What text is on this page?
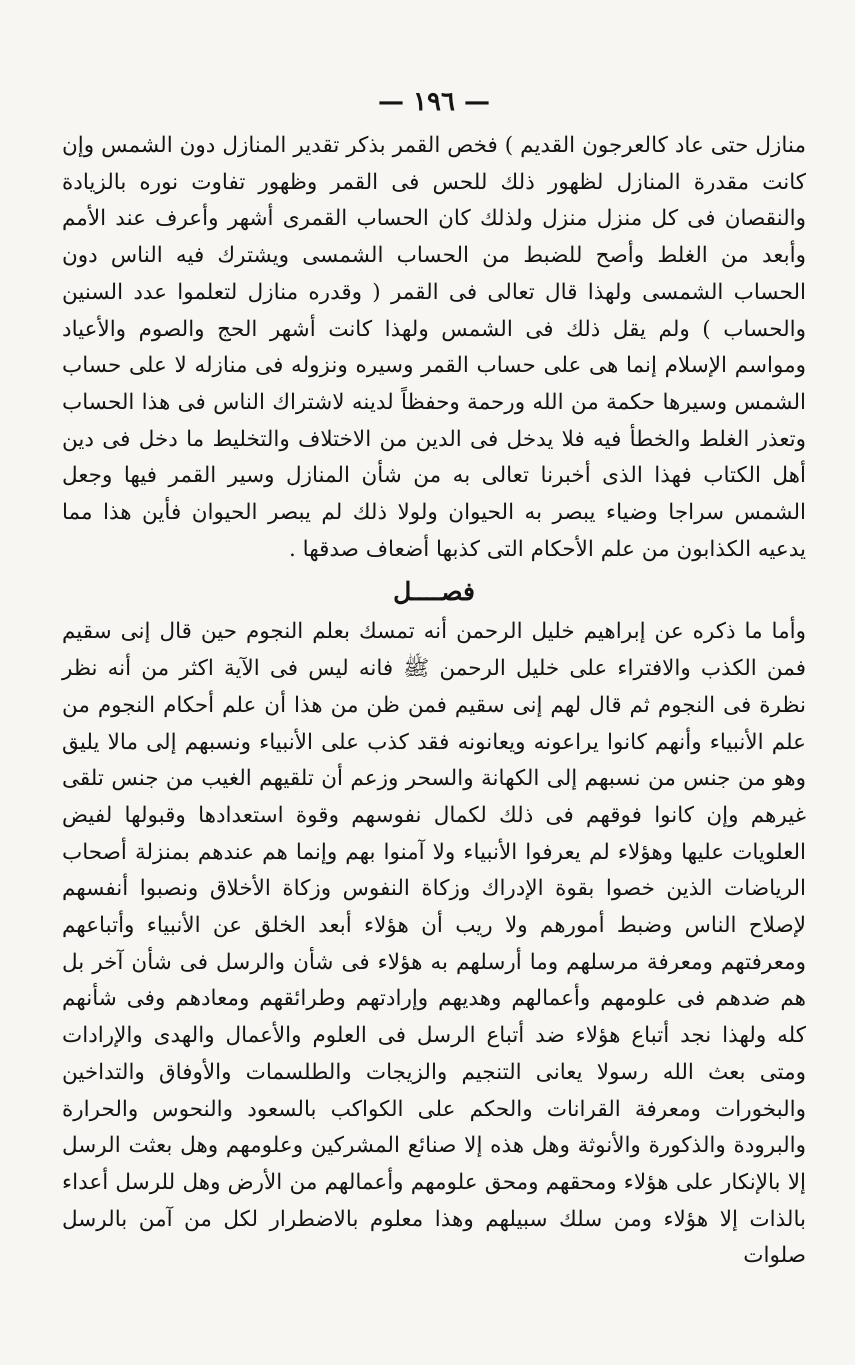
— ١٩٦ —

منازل حتى عاد كالعرجون القديم ) فخص القمر بذكر تقدير المنازل دون الشمس وإن كانت مقدرة المنازل لظهور ذلك للحس فى القمر وظهور تفاوت نوره بالزيادة والنقصان فى كل منزل منزل ولذلك كان الحساب القمرى أشهر وأعرف عند الأمم وأبعد من الغلط وأصح للضبط من الحساب الشمسى ويشترك فيه الناس دون الحساب الشمسى ولهذا قال تعالى فى القمر ( وقدره منازل لتعلموا عدد السنين والحساب ) ولم يقل ذلك فى الشمس ولهذا كانت أشهر الحج والصوم والأعياد ومواسم الإسلام إنما هى على حساب القمر وسيره ونزوله فى منازله لا على حساب الشمس وسيرها حكمة من الله ورحمة وحفظاً لدينه لاشتراك الناس فى هذا الحساب وتعذر الغلط والخطأ فيه فلا يدخل فى الدين من الاختلاف والتخليط ما دخل فى دين أهل الكتاب فهذا الذى أخبرنا تعالى به من شأن المنازل وسير القمر فيها وجعل الشمس سراجا وضياء يبصر به الحيوان ولولا ذلك لم يبصر الحيوان فأين هذا مما يدعيه الكذابون من علم الأحكام التى كذبها أضعاف صدقها .

فصــــل

وأما ما ذكره عن إبراهيم خليل الرحمن أنه تمسك بعلم النجوم حين قال إنى سقيم فمن الكذب والافتراء على خليل الرحمن ﷺ فانه ليس فى الآية اكثر من أنه نظر نظرة فى النجوم ثم قال لهم إنى سقيم فمن ظن من هذا أن علم أحكام النجوم من علم الأنبياء وأنهم كانوا يراعونه ويعانونه فقد كذب على الأنبياء ونسبهم إلى مالا يليق وهو من جنس من نسبهم إلى الكهانة والسحر وزعم أن تلقيهم الغيب من جنس تلقى غيرهم وإن كانوا فوقهم فى ذلك لكمال نفوسهم وقوة استعدادها وقبولها لفيض العلويات عليها وهؤلاء لم يعرفوا الأنبياء ولا آمنوا بهم وإنما هم عندهم بمنزلة أصحاب الرياضات الذين خصوا بقوة الإدراك وزكاة النفوس وزكاة الأخلاق ونصبوا أنفسهم لإصلاح الناس وضبط أمورهم ولا ريب أن هؤلاء أبعد الخلق عن الأنبياء وأتباعهم ومعرفتهم ومعرفة مرسلهم وما أرسلهم به هؤلاء فى شأن والرسل فى شأن آخر بل هم ضدهم فى علومهم وأعمالهم وهديهم وإرادتهم وطرائقهم ومعادهم وفى شأنهم كله ولهذا نجد أتباع هؤلاء ضد أتباع الرسل فى العلوم والأعمال والهدى والإرادات ومتى بعث الله رسولا يعانى التنجيم والزيجات والطلسمات والأوفاق والتداخين والبخورات ومعرفة القرانات والحكم على الكواكب بالسعود والنحوس والحرارة والبرودة والذكورة والأنوثة وهل هذه إلا صنائع المشركين وعلومهم وهل بعثت الرسل إلا بالإنكار على هؤلاء ومحقهم ومحق علومهم وأعمالهم من الأرض وهل للرسل أعداء بالذات إلا هؤلاء ومن سلك سبيلهم وهذا معلوم بالاضطرار لكل من آمن بالرسل صلوات
